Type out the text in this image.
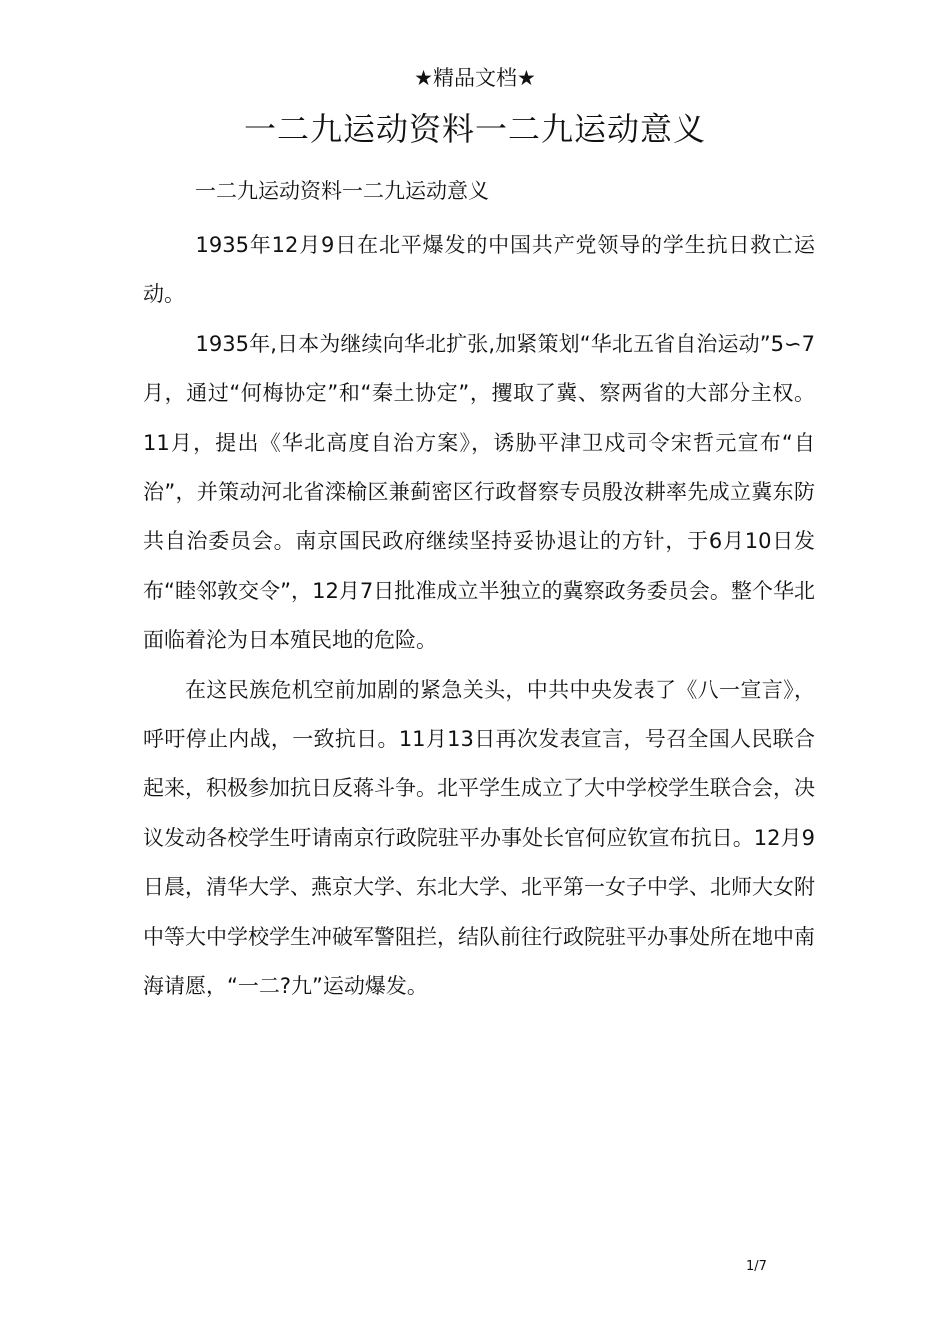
★精品文档★
一二九运动资料一二九运动意义
一二九运动资料一二九运动意义

1935年12月9日在北平爆发的中国共产党领导的学生抗日救亡运动。

1935年,日本为继续向华北扩张,加紧策划“华北五省自治运动”5∽7月，通过“何梅协定”和“秦土协定”，攫取了冀、察两省的大部分主权。11月，提出《华北高度自治方案》，诱胁平津卫戍司令宋哲元宣布“自治”，并策动河北省滦榆区兼蓟密区行政督察专员殷汝耕率先成立冀东防共自治委员会。南京国民政府继续坚持妥协退让的方针，于6月10日发布“睦邻敦交令”，12月7日批准成立半独立的冀察政务委员会。整个华北面临着沦为日本殖民地的危险。

在这民族危机空前加剧的紧急关头，中共中央发表了《八一宣言》，呼吁停止内战，一致抗日。11月13日再次发表宣言，号召全国人民联合起来，积极参加抗日反蒋斗争。北平学生成立了大中学校学生联合会，决议发动各校学生吁请南京行政院驻平办事处长官何应钦宣布抗日。12月9日晨，清华大学、燕京大学、东北大学、北平第一女子中学、北师大女附中等大中学校学生冲破军警阻拦，结队前往行政院驻平办事处所在地中南海请愿，“一二?九”运动爆发。

1/7
